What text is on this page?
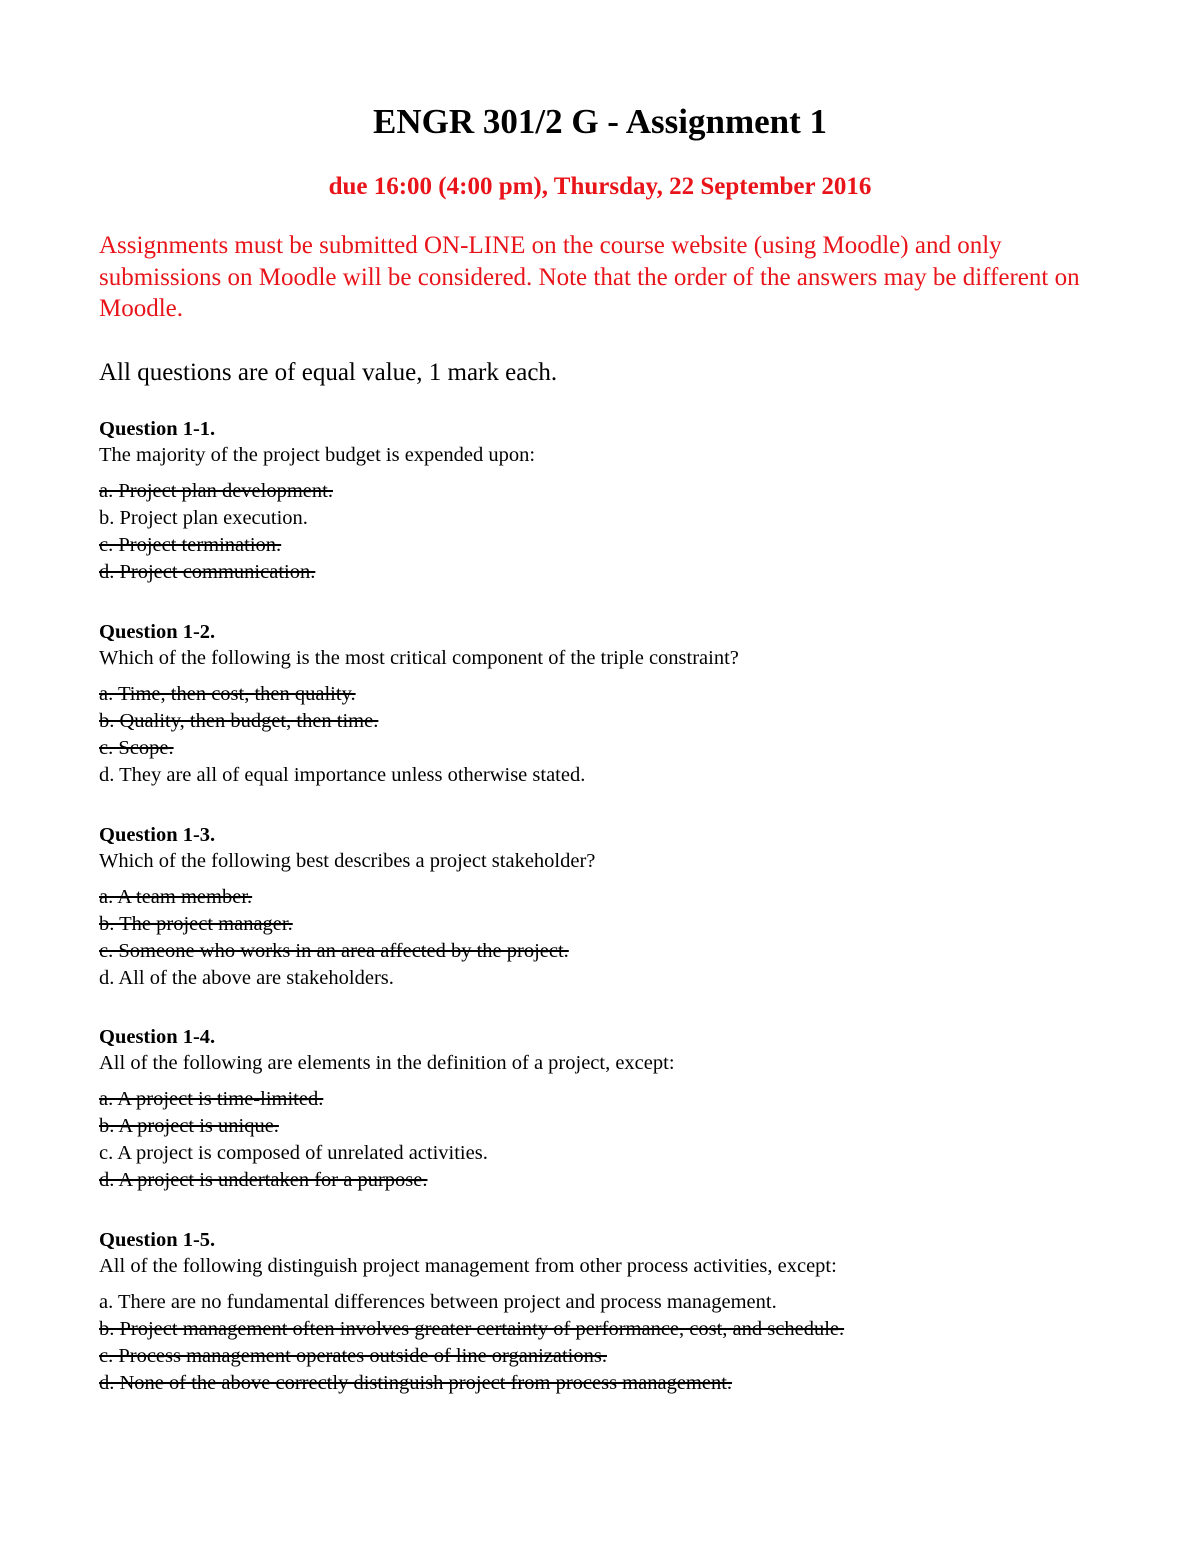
ENGR 301/2 G - Assignment 1

due 16:00 (4:00 pm), Thursday, 22 September 2016

Assignments must be submitted ON-LINE on the course website (using Moodle) and only submissions on Moodle will be considered. Note that the order of the answers may be different on Moodle.

All questions are of equal value, 1 mark each.

Question 1-1.

The majority of the project budget is expended upon:

a. Project plan development.
b. Project plan execution.
c. Project termination.
d. Project communication.

Question 1-2.

Which of the following is the most critical component of the triple constraint?

a. Time, then cost, then quality.
b. Quality, then budget, then time.
c. Scope.
d. They are all of equal importance unless otherwise stated.

Question 1-3.

Which of the following best describes a project stakeholder?

a. A team member.
b. The project manager.
c. Someone who works in an area affected by the project.
d. All of the above are stakeholders.

Question 1-4.

All of the following are elements in the definition of a project, except:

a. A project is time-limited.
b. A project is unique.
c. A project is composed of unrelated activities.
d. A project is undertaken for a purpose.

Question 1-5.

All of the following distinguish project management from other process activities, except:

a. There are no fundamental differences between project and process management.
b. Project management often involves greater certainty of performance, cost, and schedule.
c. Process management operates outside of line organizations.
d. None of the above correctly distinguish project from process management.
